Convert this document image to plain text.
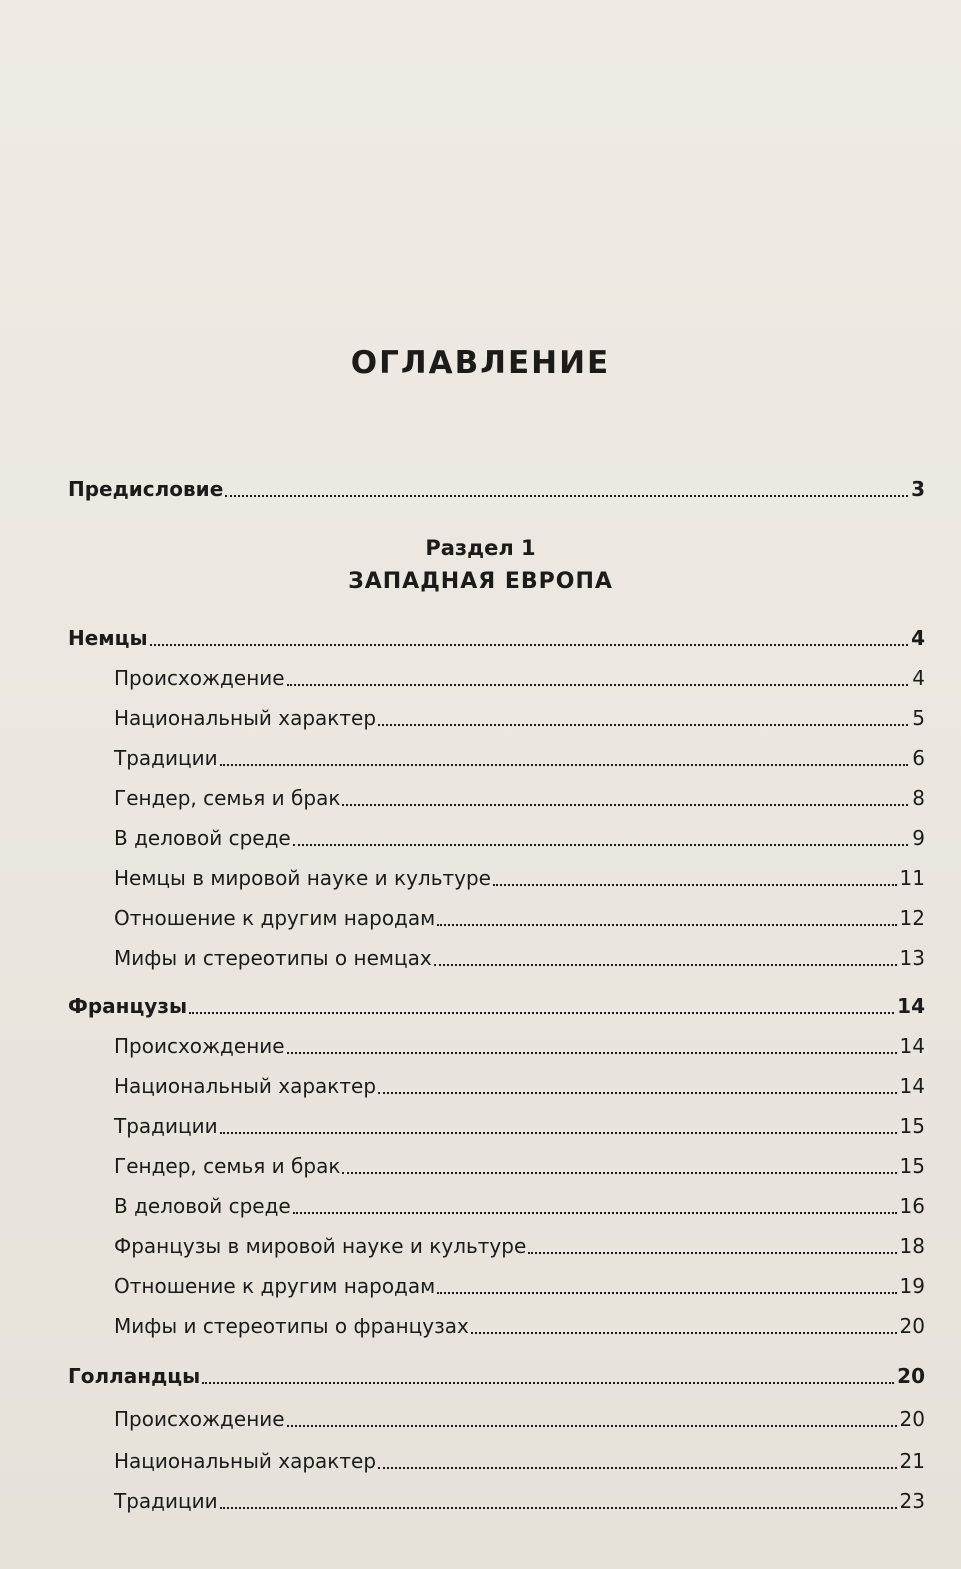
ОГЛАВЛЕНИЕ
Предисловие	3
Раздел 1
ЗАПАДНАЯ ЕВРОПА
Немцы	4
Происхождение	4
Национальный характер	5
Традиции	6
Гендер, семья и брак	8
В деловой среде	9
Немцы в мировой науке и культуре	11
Отношение к другим народам	12
Мифы и стереотипы о немцах	13
Французы	14
Происхождение	14
Национальный характер	14
Традиции	15
Гендер, семья и брак	15
В деловой среде	16
Французы в мировой науке и культуре	18
Отношение к другим народам	19
Мифы и стереотипы о французах	20
Голландцы	20
Происхождение	20
Национальный характер	21
Традиции	23
